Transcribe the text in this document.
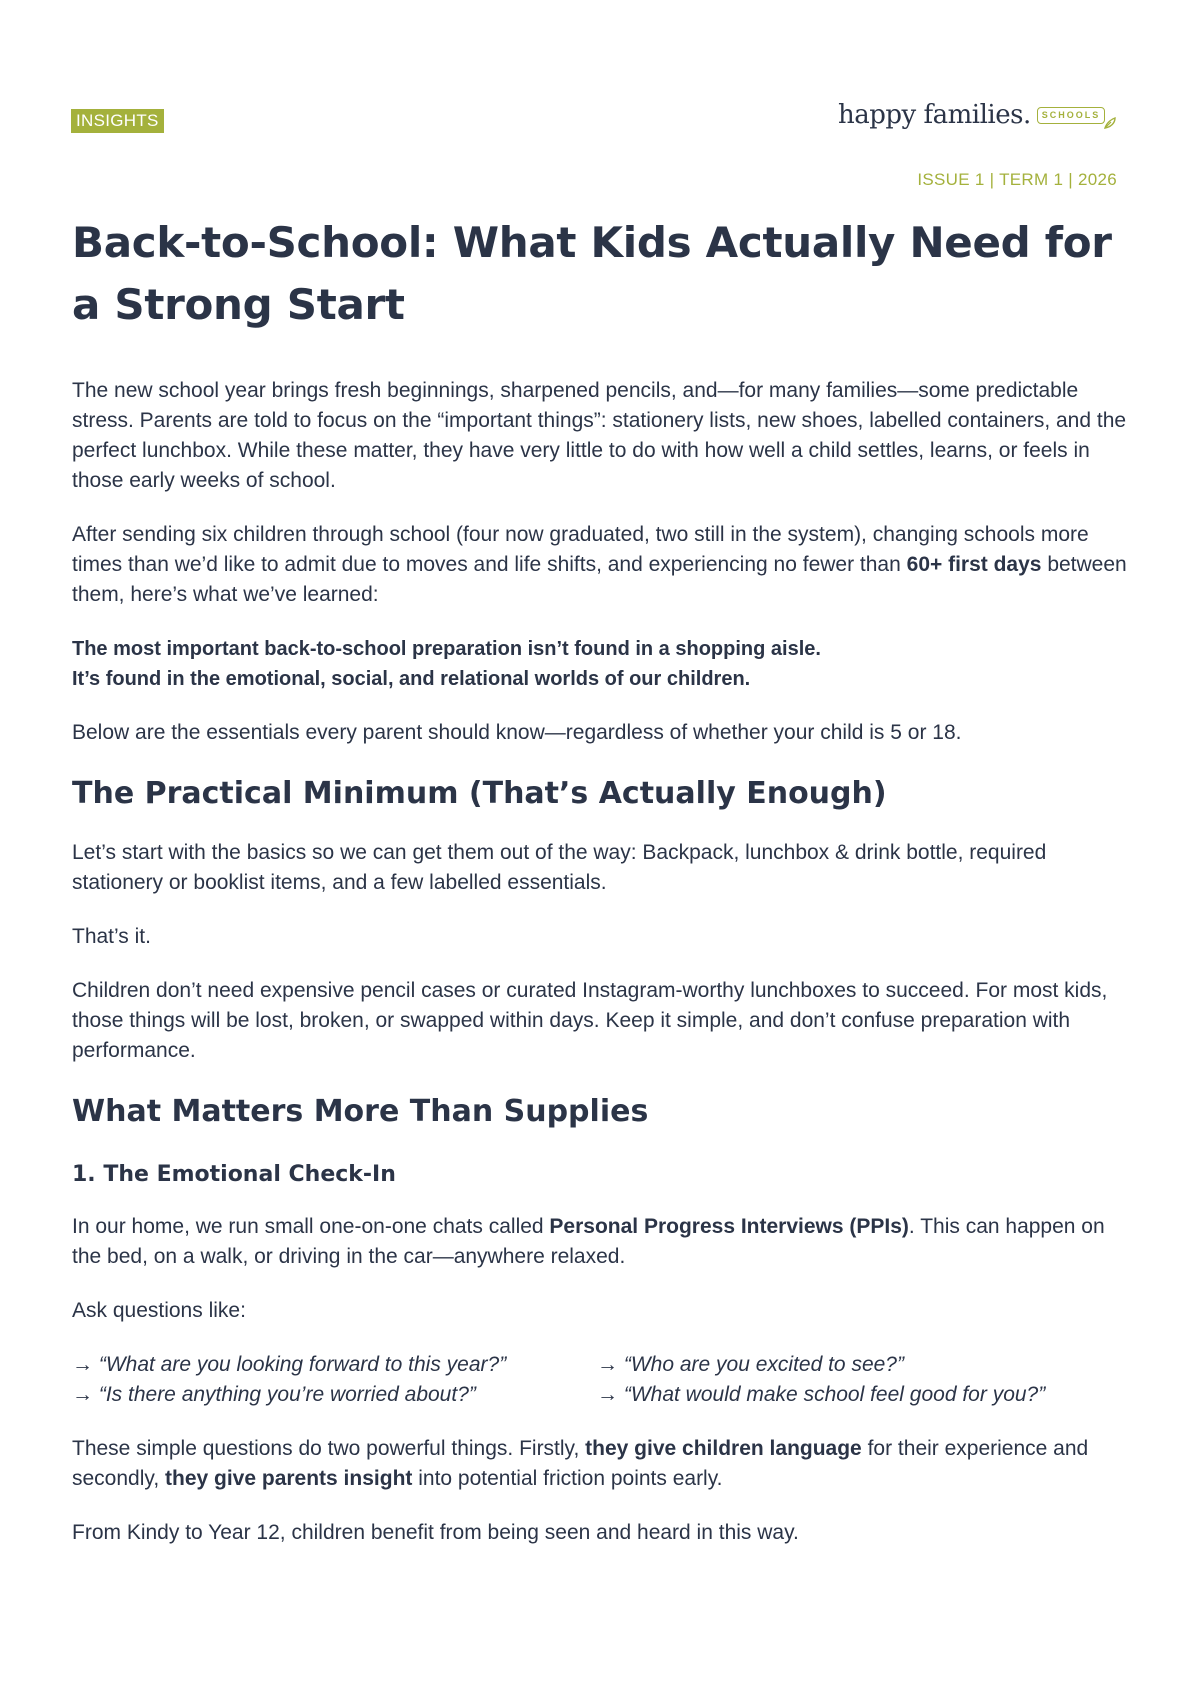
INSIGHTS	happy families.	SCHOOLS
ISSUE 1 | TERM 1 | 2026
Back-to-School: What Kids Actually Need for a Strong Start

The new school year brings fresh beginnings, sharpened pencils, and—for many families—some predictable stress. Parents are told to focus on the “important things”: stationery lists, new shoes, labelled containers, and the perfect lunchbox. While these matter, they have very little to do with how well a child settles, learns, or feels in those early weeks of school.

After sending six children through school (four now graduated, two still in the system), changing schools more times than we’d like to admit due to moves and life shifts, and experiencing no fewer than 60+ first days between them, here’s what we’ve learned:

The most important back-to-school preparation isn’t found in a shopping aisle.
It’s found in the emotional, social, and relational worlds of our children.

Below are the essentials every parent should know—regardless of whether your child is 5 or 18.

The Practical Minimum (That’s Actually Enough)

Let’s start with the basics so we can get them out of the way: Backpack, lunchbox & drink bottle, required stationery or booklist items, and a few labelled essentials.

That’s it.

Children don’t need expensive pencil cases or curated Instagram-worthy lunchboxes to succeed. For most kids, those things will be lost, broken, or swapped within days. Keep it simple, and don’t confuse preparation with performance.

What Matters More Than Supplies
1. The Emotional Check-In

In our home, we run small one-on-one chats called Personal Progress Interviews (PPIs). This can happen on the bed, on a walk, or driving in the car—anywhere relaxed.

Ask questions like:

→ “What are you looking forward to this year?”	→ “Who are you excited to see?”
→ “Is there anything you’re worried about?”	→ “What would make school feel good for you?”

These simple questions do two powerful things. Firstly, they give children language for their experience and secondly, they give parents insight into potential friction points early.

From Kindy to Year 12, children benefit from being seen and heard in this way.
